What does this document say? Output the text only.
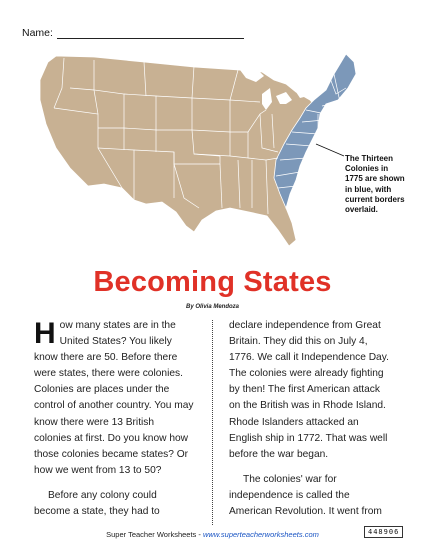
Name:
The Thirteen Colonies in 1775 are shown in blue, with current borders overlaid.
Becoming States
By Olivia Mendoza

How many states are in the United States? You likely know there are 50. Before there were states, there were colonies. Colonies are places under the control of another country. You may know there were 13 British colonies at first. Do you know how those colonies became states? Or how we went from 13 to 50?

Before any colony could become a state, they had to

declare independence from Great Britain. They did this on July 4, 1776. We call it Independence Day. The colonies were already fighting by then! The first American attack on the British was in Rhode Island. Rhode Islanders attacked an English ship in 1772. That was well before the war began.

The colonies' war for independence is called the American Revolution. It went from

Super Teacher Worksheets - www.superteacherworksheets.com	448906
